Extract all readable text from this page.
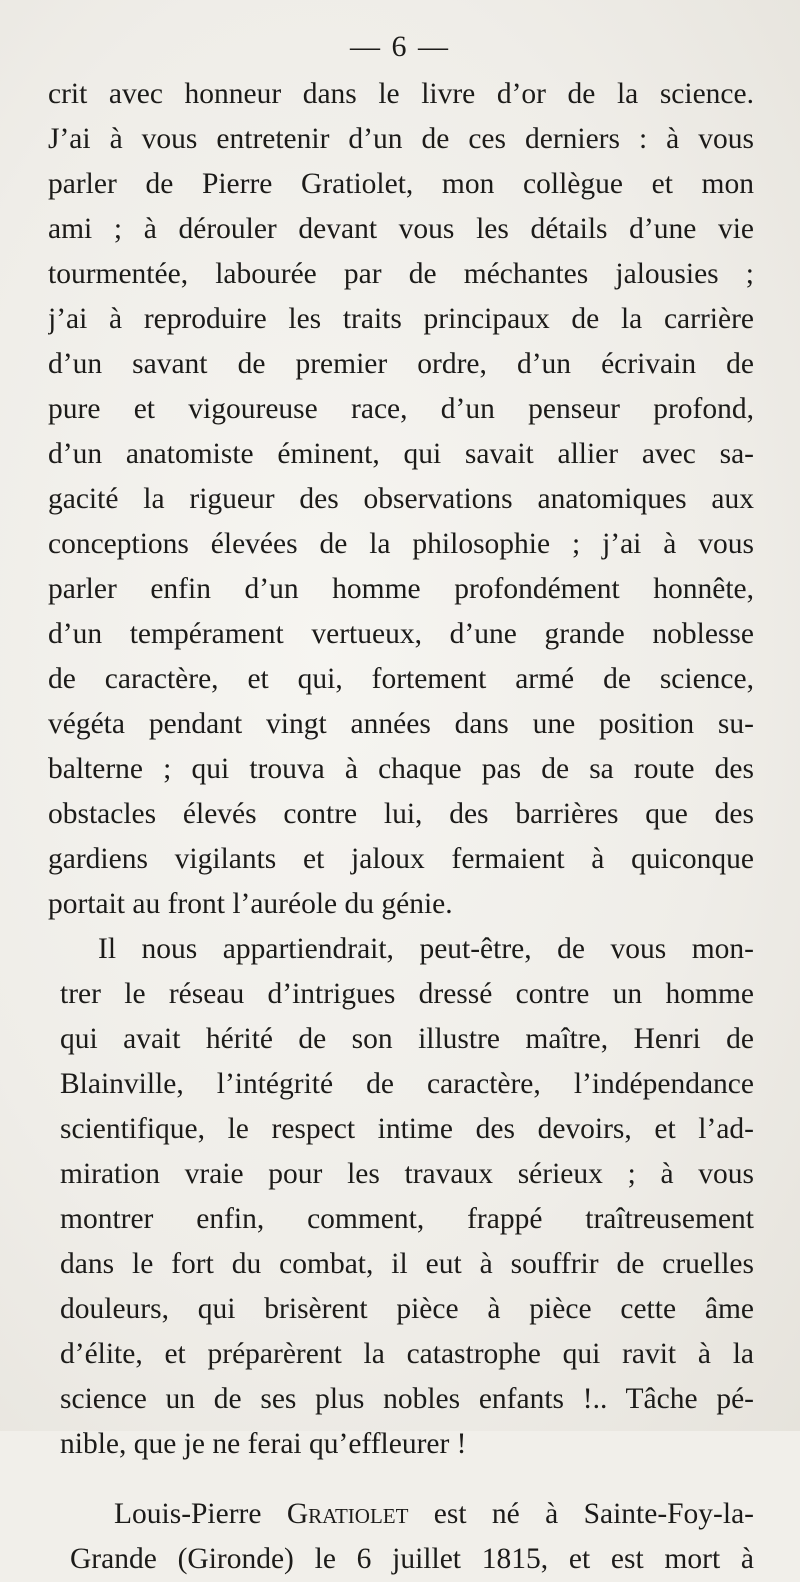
— 6 —
crit avec honneur dans le livre d’or de la science.
J’ai à vous entretenir d’un de ces derniers : à vous
parler de Pierre Gratiolet, mon collègue et mon
ami ; à dérouler devant vous les détails d’une vie
tourmentée, labourée par de méchantes jalousies ;
j’ai à reproduire les traits principaux de la carrière
d’un savant de premier ordre, d’un écrivain de
pure et vigoureuse race, d’un penseur profond,
d’un anatomiste éminent, qui savait allier avec sa-
gacité la rigueur des observations anatomiques aux
conceptions élevées de la philosophie ; j’ai à vous
parler enfin d’un homme profondément honnête,
d’un tempérament vertueux, d’une grande noblesse
de caractère, et qui, fortement armé de science,
végéta pendant vingt années dans une position su-
balterne ; qui trouva à chaque pas de sa route des
obstacles élevés contre lui, des barrières que des
gardiens vigilants et jaloux fermaient à quiconque
portait au front l’auréole du génie.
Il nous appartiendrait, peut-être, de vous mon-
trer le réseau d’intrigues dressé contre un homme
qui avait hérité de son illustre maître, Henri de
Blainville, l’intégrité de caractère, l’indépendance
scientifique, le respect intime des devoirs, et l’ad-
miration vraie pour les travaux sérieux ; à vous
montrer enfin, comment, frappé traîtreusement
dans le fort du combat, il eut à souffrir de cruelles
douleurs, qui brisèrent pièce à pièce cette âme
d’élite, et préparèrent la catastrophe qui ravit à la
science un de ses plus nobles enfants !.. Tâche pé-
nible, que je ne ferai qu’effleurer !
Louis-Pierre Gratiolet est né à Sainte-Foy-la-
Grande (Gironde) le 6 juillet 1815, et est mort à
